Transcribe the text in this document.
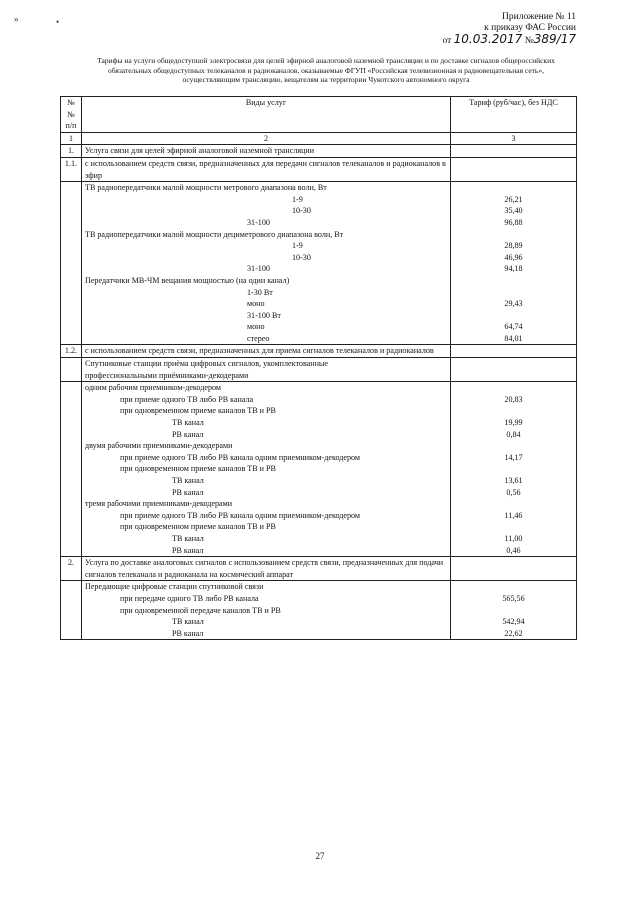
»	•	Приложение № 11
к приказу ФАС России
от 10.03.2017 №389/17
Тарифы на услуги общедоступной электросвязи для целей эфирной аналоговой наземной трансляции и по доставке сигналов общероссийских обязательных общедоступных телеканалов и радиоканалов, оказываемые ФГУП «Российская телевизионная и радиовещательная сеть», осуществляющим трансляцию, вещателям на территории Чукотского автономного округа
№№ п/п	Виды услуг	Тариф (руб/час), без НДС
1	2	3
1.	Услуга связи для целей эфирной аналоговой наземной трансляции	
1.1.	с использованием средств связи, предназначенных для передачи сигналов телеканалов и радиоканалов в эфир	
	ТВ радиопередатчики малой мощности метрового диапазона волн, Вт	
	1-9	26,21
	10-30	35,40
	31-100	96,88
	ТВ радиопередатчики малой мощности дециметрового диапазона волн, Вт	
	1-9	28,89
	10-30	46,96
	31-100	94,18
	Передатчики МВ-ЧМ вещания мощностью (на один канал)	
	1-30 Вт	
	моно	29,43
	31-100 Вт	
	моно	64,74
	стерео	84,01
1.2.	с использованием средств связи, предназначенных для приема сигналов телеканалов и радиоканалов	
	Спутниковые станции приёма цифровых сигналов, укомплектованные	
	профессиональными приёмниками-декодерами	
	одним рабочим приемником-декодером	
	при приеме одного ТВ либо РВ канала	20,83
	при одновременном приеме каналов ТВ и РВ	
	ТВ канал	19,99
	РВ канал	0,84
	двумя рабочими приемниками-декодерами	
	при приеме одного ТВ либо РВ канала одним приемником-декодером	14,17
	при одновременном приеме каналов ТВ и РВ	
	ТВ канал	13,61
	РВ канал	0,56
	тремя рабочими приемниками-декодерами	
	при приеме одного ТВ либо РВ канала одним приемником-декодером	11,46
	при одновременном приеме каналов ТВ и РВ	
	ТВ канал	11,00
	РВ канал	0,46
2.	Услуга по доставке аналоговых сигналов с использованием средств связи, предназначенных для подачи сигналов телеканала и радиоканала на космический аппарат	
	Передающие цифровые станции спутниковой связи	
	при передаче одного ТВ либо РВ канала	565,56
	при одновременной передаче каналов ТВ и РВ	
	ТВ канал	542,94
	РВ канал	22,62
27
